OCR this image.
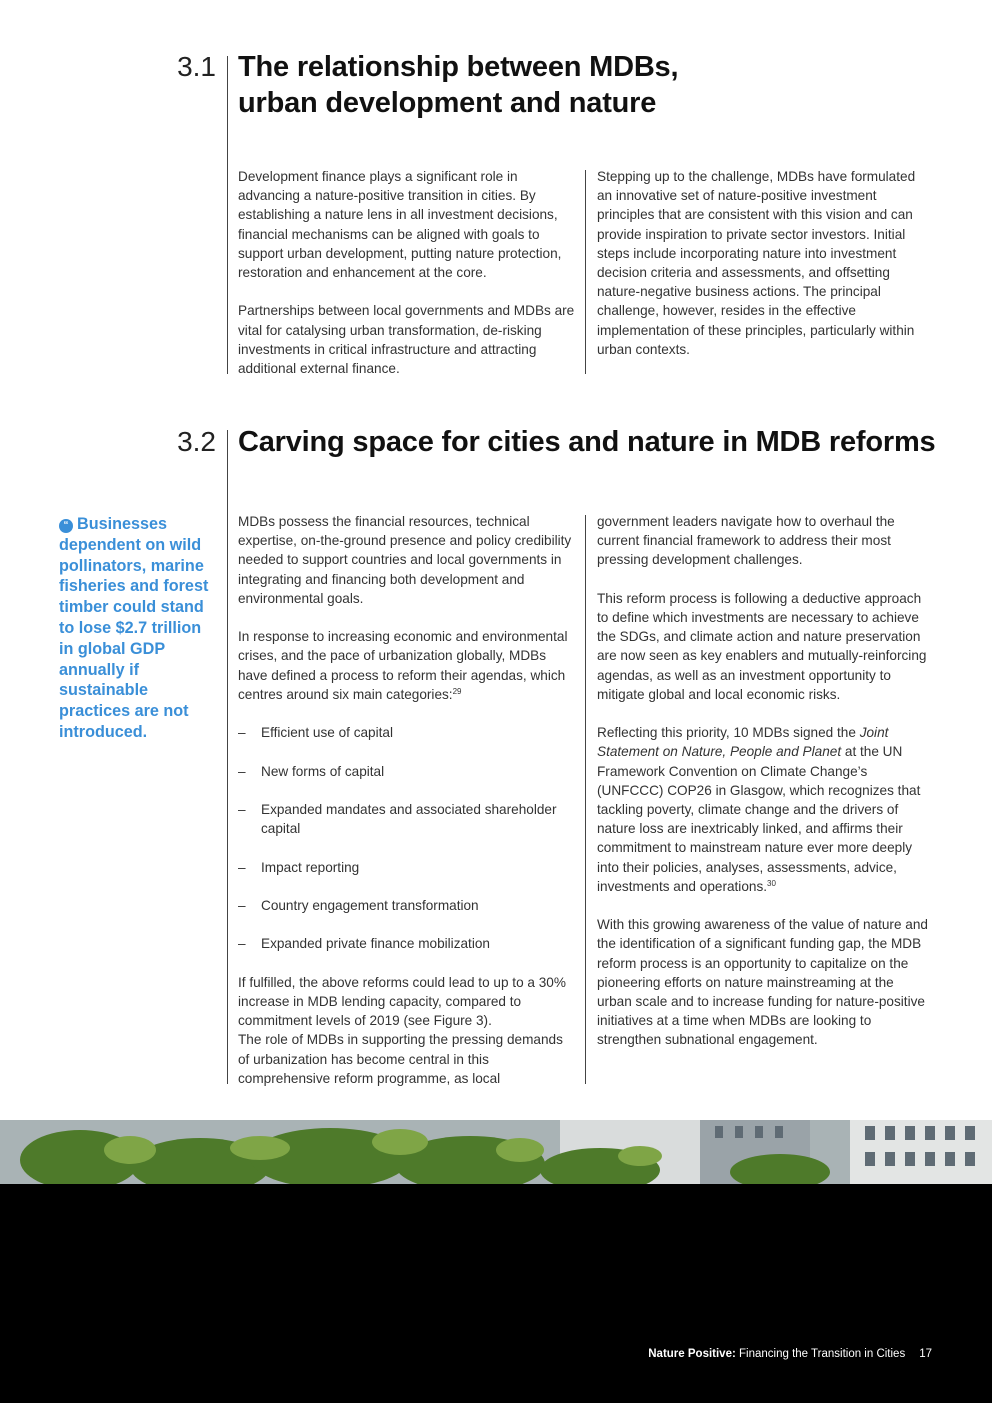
3.1 The relationship between MDBs,
urban development and nature

Development finance plays a significant role in advancing a nature-positive transition in cities. By establishing a nature lens in all investment decisions, financial mechanisms can be aligned with goals to support urban development, putting nature protection, restoration and enhancement at the core.

Partnerships between local governments and MDBs are vital for catalysing urban transformation, de-risking investments in critical infrastructure and attracting additional external finance.

Stepping up to the challenge, MDBs have formulated an innovative set of nature-positive investment principles that are consistent with this vision and can provide inspiration to private sector investors. Initial steps include incorporating nature into investment decision criteria and assessments, and offsetting nature-negative business actions. The principal challenge, however, resides in the effective implementation of these principles, particularly within urban contexts.

3.2 Carving space for cities and nature in MDB reforms
“ Businesses dependent on wild pollinators, marine fisheries and forest timber could stand to lose $2.7 trillion in global GDP annually if sustainable practices are not introduced.

MDBs possess the financial resources, technical expertise, on-the-ground presence and policy credibility needed to support countries and local governments in integrating and financing both development and environmental goals.

In response to increasing economic and environmental crises, and the pace of urbanization globally, MDBs have defined a process to reform their agendas, which centres around six main categories:$^{29}$

– Efficient use of capital
– New forms of capital
– Expanded mandates and associated shareholder capital
– Impact reporting
– Country engagement transformation
– Expanded private finance mobilization

If fulfilled, the above reforms could lead to up to a 30% increase in MDB lending capacity, compared to commitment levels of 2019 (see Figure 3).

The role of MDBs in supporting the pressing demands of urbanization has become central in this comprehensive reform programme, as local

government leaders navigate how to overhaul the current financial framework to address their most pressing development challenges.

This reform process is following a deductive approach to define which investments are necessary to achieve the SDGs, and climate action and nature preservation are now seen as key enablers and mutually-reinforcing agendas, as well as an investment opportunity to mitigate global and local economic risks.

Reflecting this priority, 10 MDBs signed the Joint Statement on Nature, People and Planet at the UN Framework Convention on Climate Change’s (UNFCCC) COP26 in Glasgow, which recognizes that tackling poverty, climate change and the drivers of nature loss are inextricably linked, and affirms their commitment to mainstream nature ever more deeply into their policies, analyses, assessments, advice, investments and operations.$^{30}$

With this growing awareness of the value of nature and the identification of a significant funding gap, the MDB reform process is an opportunity to capitalize on the pioneering efforts on nature mainstreaming at the urban scale and to increase funding for nature-positive initiatives at a time when MDBs are looking to strengthen subnational engagement.

Nature Positive: Financing the Transition in Cities 17
